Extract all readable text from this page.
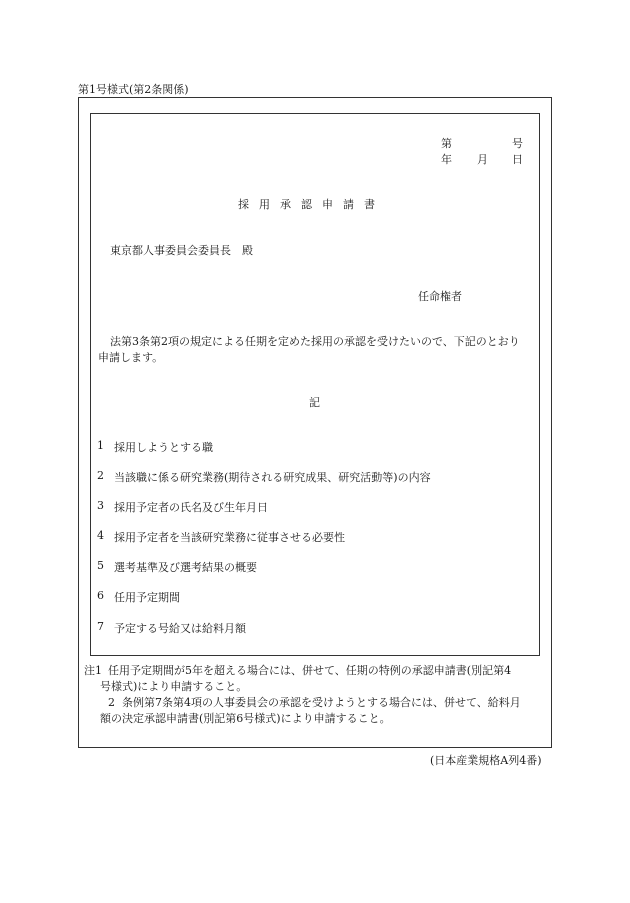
第1号様式(第2条関係)
第	号
年 月 日
採用承認申請書
東京都人事委員会委員長　殿
任命権者
法第3条第2項の規定による任期を定めた採用の承認を受けたいので、下記のとおり
申請します。
記
1 採用しようとする職
2 当該職に係る研究業務(期待される研究成果、研究活動等)の内容
3 採用予定者の氏名及び生年月日
4 採用予定者を当該研究業務に従事させる必要性
5 選考基準及び選考結果の概要
6 任用予定期間
7 予定する号給又は給料月額
注1 任用予定期間が5年を超える場合には、併せて、任期の特例の承認申請書(別記第4
号様式)により申請すること。
2 条例第7条第4項の人事委員会の承認を受けようとする場合には、併せて、給料月
額の決定承認申請書(別記第6号様式)により申請すること。
(日本産業規格A列4番)
